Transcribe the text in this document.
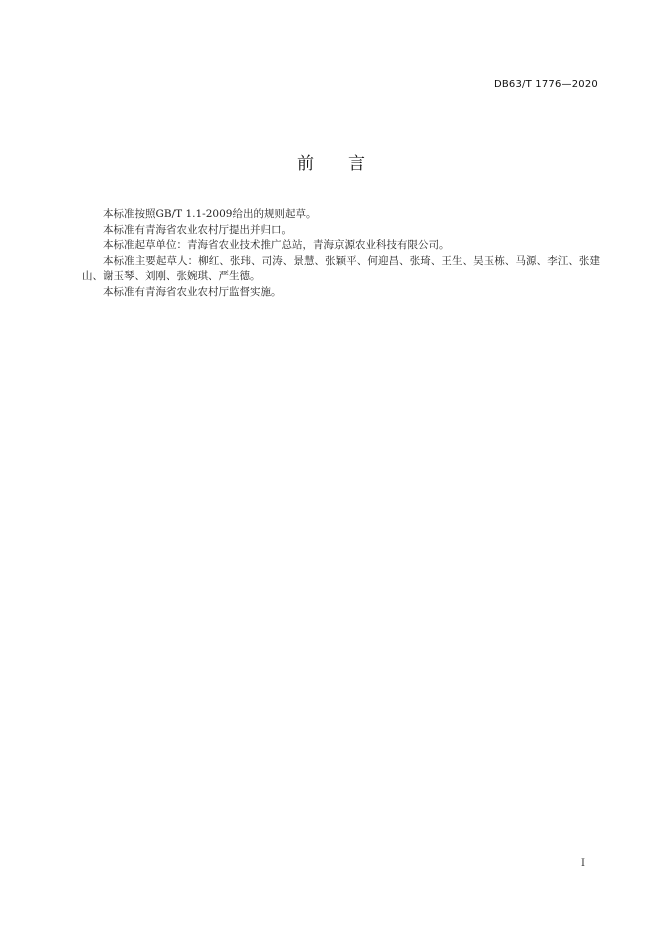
DB63/T 1776—2020
前 言

本标准按照GB/T 1.1-2009给出的规则起草。

本标准有青海省农业农村厅提出并归口。

本标准起草单位：青海省农业技术推广总站，青海京源农业科技有限公司。

本标准主要起草人：柳红、张玮、司涛、景慧、张颖平、何迎昌、张琦、王生、吴玉栋、马源、李江、张建山、谢玉琴、刘刚、张婉琪、严生德。

本标准有青海省农业农村厅监督实施。

I
